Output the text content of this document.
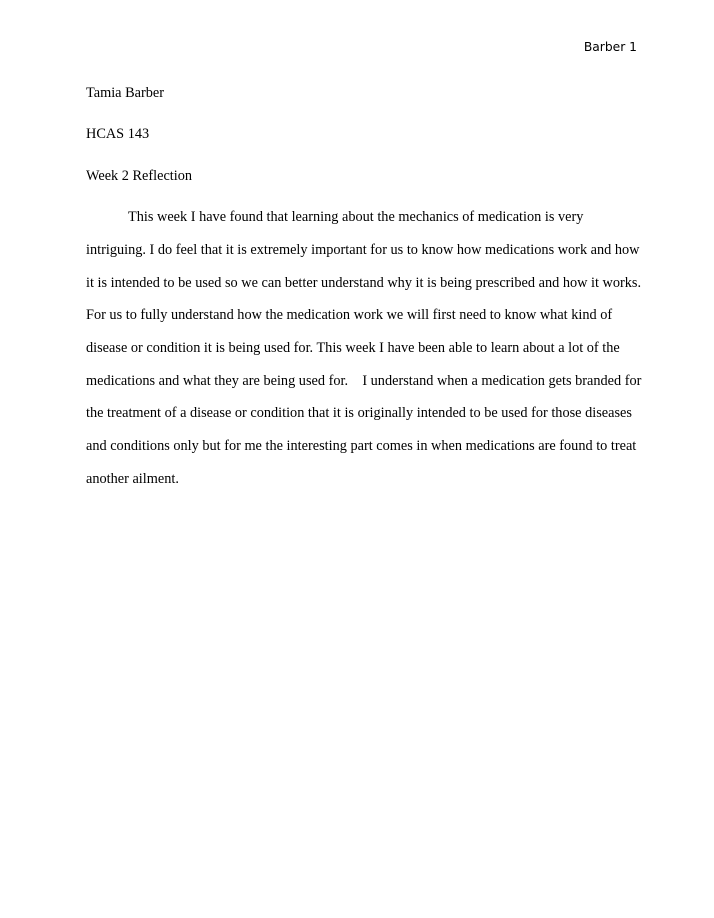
Barber 1
Tamia Barber
HCAS 143
Week 2 Reflection
This week I have found that learning about the mechanics of medication is very
intriguing. I do feel that it is extremely important for us to know how medications work and how
it is intended to be used so we can better understand why it is being prescribed and how it works.
For us to fully understand how the medication work we will first need to know what kind of
disease or condition it is being used for. This week I have been able to learn about a lot of the
medications and what they are being used for.    I understand when a medication gets branded for
the treatment of a disease or condition that it is originally intended to be used for those diseases
and conditions only but for me the interesting part comes in when medications are found to treat
another ailment.
